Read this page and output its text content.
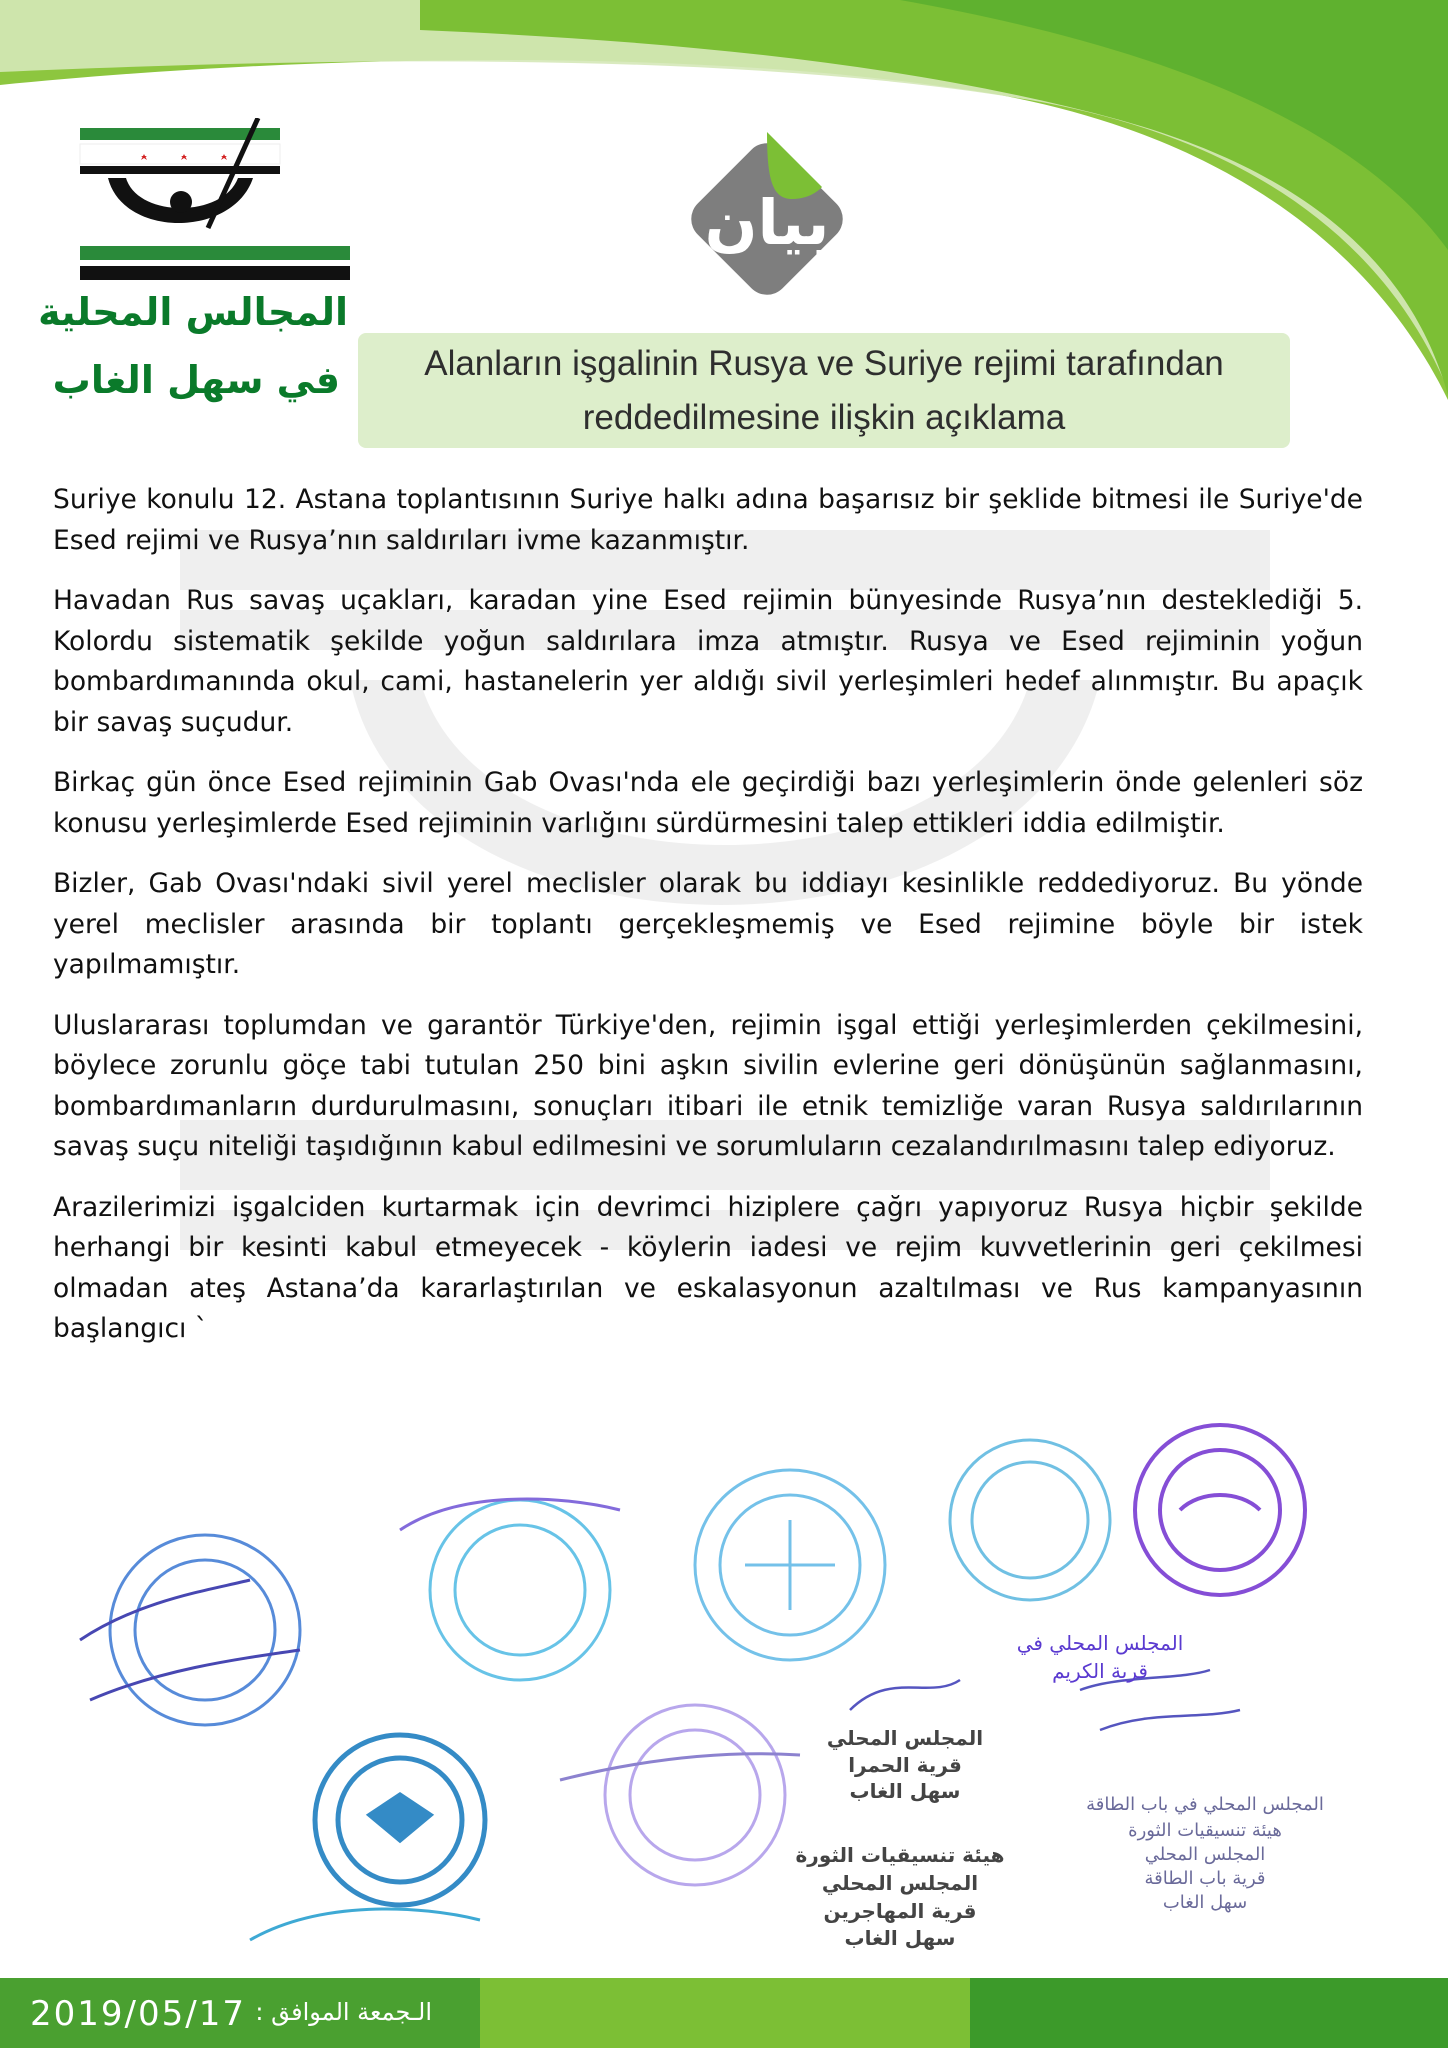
المجالس المحلية
في سهل الغاب
بيان
Alanların işgalinin Rusya ve Suriye rejimi tarafından
reddedilmesine ilişkin açıklama

Suriye konulu 12. Astana toplantısının Suriye halkı adına başarısız bir şeklide bitmesi ile Suriye'de Esed rejimi ve Rusya’nın saldırıları ivme kazanmıştır.

Havadan Rus savaş uçakları, karadan yine Esed rejimin bünyesinde Rusya’nın desteklediği 5. Kolordu sistematik şekilde yoğun saldırılara imza atmıştır. Rusya ve Esed rejiminin yoğun bombardımanında okul, cami, hastanelerin yer aldığı sivil yerleşimleri hedef alınmıştır. Bu apaçık bir savaş suçudur.

Birkaç gün önce Esed rejiminin Gab Ovası'nda ele geçirdiği bazı yerleşimlerin önde gelenleri söz konusu yerleşimlerde Esed rejiminin varlığını sürdürmesini talep ettikleri iddia edilmiştir.

Bizler, Gab Ovası'ndaki sivil yerel meclisler olarak bu iddiayı kesinlikle reddediyoruz. Bu yönde yerel meclisler arasında bir toplantı gerçekleşmemiş ve Esed rejimine böyle bir istek yapılmamıştır.

Uluslararası toplumdan ve garantör Türkiye'den, rejimin işgal ettiği yerleşimlerden çekilmesini, böylece zorunlu göçe tabi tutulan 250 bini aşkın sivilin evlerine geri dönüşünün sağlanmasını, bombardımanların durdurulmasını, sonuçları itibari ile etnik temizliğe varan Rusya saldırılarının savaş suçu niteliği taşıdığının kabul edilmesini ve sorumluların cezalandırılmasını talep ediyoruz.

Arazilerimizi işgalciden kurtarmak için devrimci hiziplere çağrı yapıyoruz Rusya hiçbir şekilde herhangi bir kesinti kabul etmeyecek - köylerin iadesi ve rejim kuvvetlerinin geri çekilmesi olmadan ateş Astana’da kararlaştırılan ve eskalasyonun azaltılması ve Rus kampanyasının başlangıcı `

المجلس المحلي
قرية الحمرا
سهل الغاب
هيئة تنسيقيات الثورة
المجلس المحلي
قرية المهاجرين
سهل الغاب
المجلس المحلي في باب الطاقة
هيئة تنسيقيات الثورة
المجلس المحلي
قرية باب الطاقة
سهل الغاب
المجلس المحلي في
قرية الكريم
2019/05/17 الـجمعة الموافق :
